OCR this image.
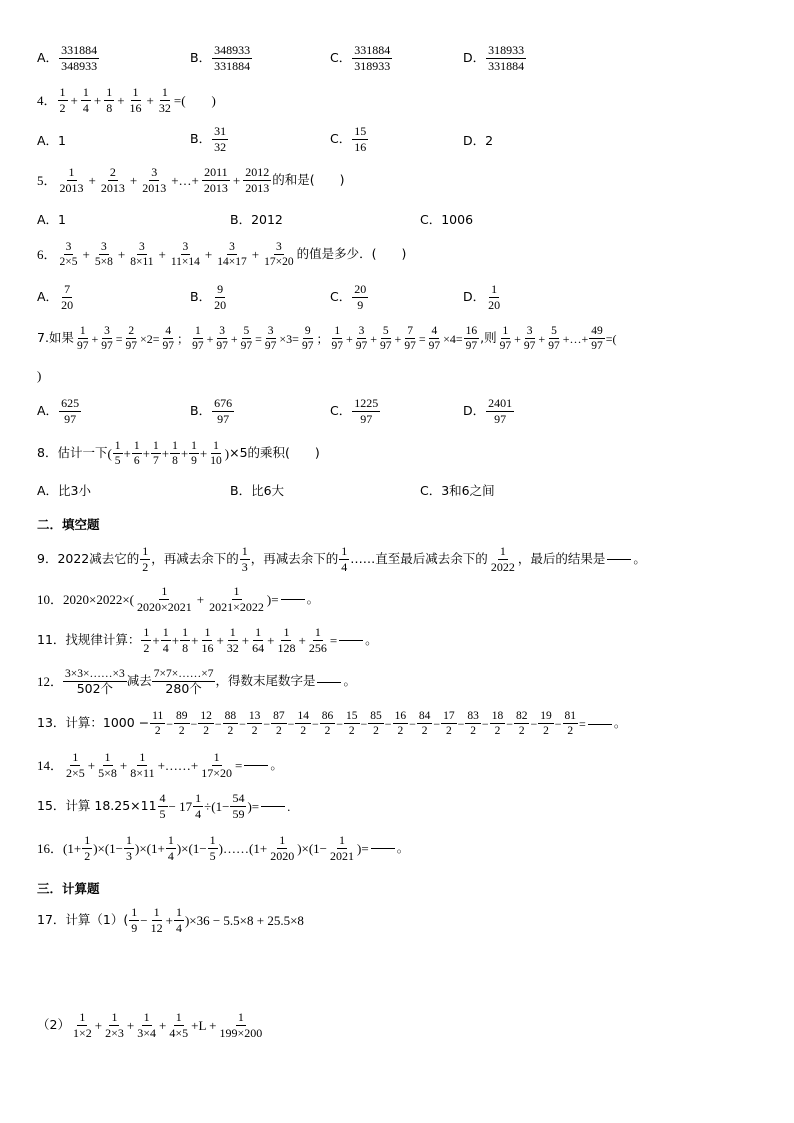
A． 331884
348933
B． 348933
331884
C． 331884
318933
D． 318933
331884
4．
1
$2 + \frac{1}{4} + \frac{1}{8} + \frac{1}{16} + \frac{1}{32}$ =(　　)
A．1	B． 31
32
C． 15
16	D．2
5．
1
$2013 + \frac{2}{2013} + \frac{3}{2013}$ +…+ $\frac{2011}{2013} + \frac{2012}{2013}$ 的和是(　　)
A．1	B．2012	C．1006
6．
3
$2\times 5 + \frac{3}{5\times 8} + \frac{3}{8\times 11} + \frac{3}{11\times 14} + \frac{3}{14\times 17} + \frac{3}{17\times 20}$ 的值是多少．(　　)
A． 7
20
B． 9
20
C． 20
9
D． 1
20
7.如果 1
97
+
3
97
=
2
97
×2=
4
97
；
1
97
+
3
97
+
5
97
=
3
97
×3=
9
97
；
1
97
+
3
97
+
5
97
+
7
97
=
4
97
×4=
16
97
,则 1
97
+
3
97
+
5
97
+…+
49
97
= (
)
A． 625
97
B． 676
97
C． 1225
97
D． 2401
97
8．估计一下 (
1
5 +
1
6 +
1
7 +
1
8 +
1
$9 + \frac{1}{10}$ ) ×5的乘积(　　)
A．比3小	B．比6大	C．3和6之间
二．填空题
9．2022减去它的 1
2
，再减去余下的 1
3
，再减去余下的 1
4
……直至最后减去余下的 1
2022
，最后的结果是 。
10． 2020×2022×(
1
$2020\times 2021 + \frac{1}{2021\times 2022}$ )= 。
11．找规律计算： 1
2 +
1
4 +
1
8 +
1
16 +
1
32 +
1
64 +
1
$128 + \frac{1}{256}$ = 。
12．
3×3×……×3
502个 减去 7×7×……×7
280个 ，得数末尾数字是 。
13．计算：$1000 - \frac{11}{2}$ −
89
2
−
12
2
−
88
2
−
13
2
−
87
2
−
14
2
−
86
2
−
15
2
−
85
2
−
16
2
−
84
2
−
17
2
−
83
2
−
18
2
−
82
2
−
19
2
− $\frac{81}{2}$ = 。
14．
1
2×5 +
1
5×8 +
1
8×11 +……+ $\frac{1}{17\times 20}$ = 。
15．计算 18.25×11 4
$5 - 17 \frac{1}{4} \div(1- \frac{54}{59}$ )= .
16． (1+
1
2 )×(1−
1
3 )×(1+
1
4 )×(1−
1
5 ) …… (1+
1
2020 )$\times(1- \frac{1}{2021}$ ) = 。
三．计算题
17．计算（1）( 1
9 −
1
12 +
1
4 )×36 − 5.5×8 + 25.5×8
（2） 1
1×2 +
1
2×3 +
1
3×4 +
1
$4\times 5 +L + \frac{1}{199\times 200}$
